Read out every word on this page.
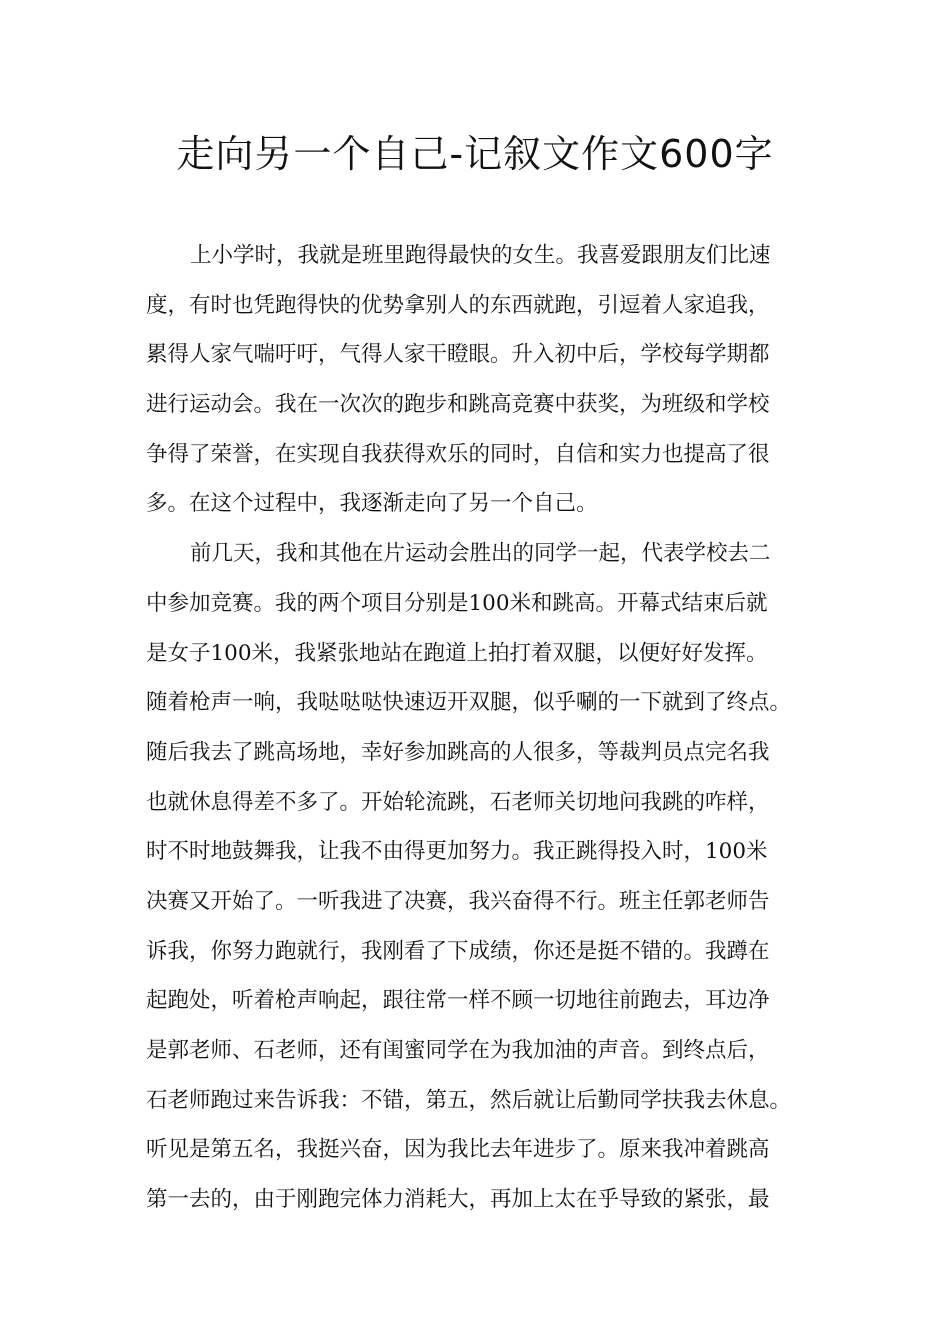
走向另一个自己-记叙文作文600字
上小学时，我就是班里跑得最快的女生。我喜爱跟朋友们比速
度，有时也凭跑得快的优势拿别人的东西就跑，引逗着人家追我，
累得人家气喘吁吁，气得人家干瞪眼。升入初中后，学校每学期都
进行运动会。我在一次次的跑步和跳高竞赛中获奖，为班级和学校
争得了荣誉，在实现自我获得欢乐的同时，自信和实力也提高了很
多。在这个过程中，我逐渐走向了另一个自己。
前几天，我和其他在片运动会胜出的同学一起，代表学校去二
中参加竞赛。我的两个项目分别是100米和跳高。开幕式结束后就
是女子100米，我紧张地站在跑道上拍打着双腿，以便好好发挥。
随着枪声一响，我哒哒哒快速迈开双腿，似乎唰的一下就到了终点。
随后我去了跳高场地，幸好参加跳高的人很多，等裁判员点完名我
也就休息得差不多了。开始轮流跳，石老师关切地问我跳的咋样，
时不时地鼓舞我，让我不由得更加努力。我正跳得投入时，100米
决赛又开始了。一听我进了决赛，我兴奋得不行。班主任郭老师告
诉我，你努力跑就行，我刚看了下成绩，你还是挺不错的。我蹲在
起跑处，听着枪声响起，跟往常一样不顾一切地往前跑去，耳边净
是郭老师、石老师，还有闺蜜同学在为我加油的声音。到终点后，
石老师跑过来告诉我：不错，第五，然后就让后勤同学扶我去休息。
听见是第五名，我挺兴奋，因为我比去年进步了。原来我冲着跳高
第一去的，由于刚跑完体力消耗大，再加上太在乎导致的紧张，最
